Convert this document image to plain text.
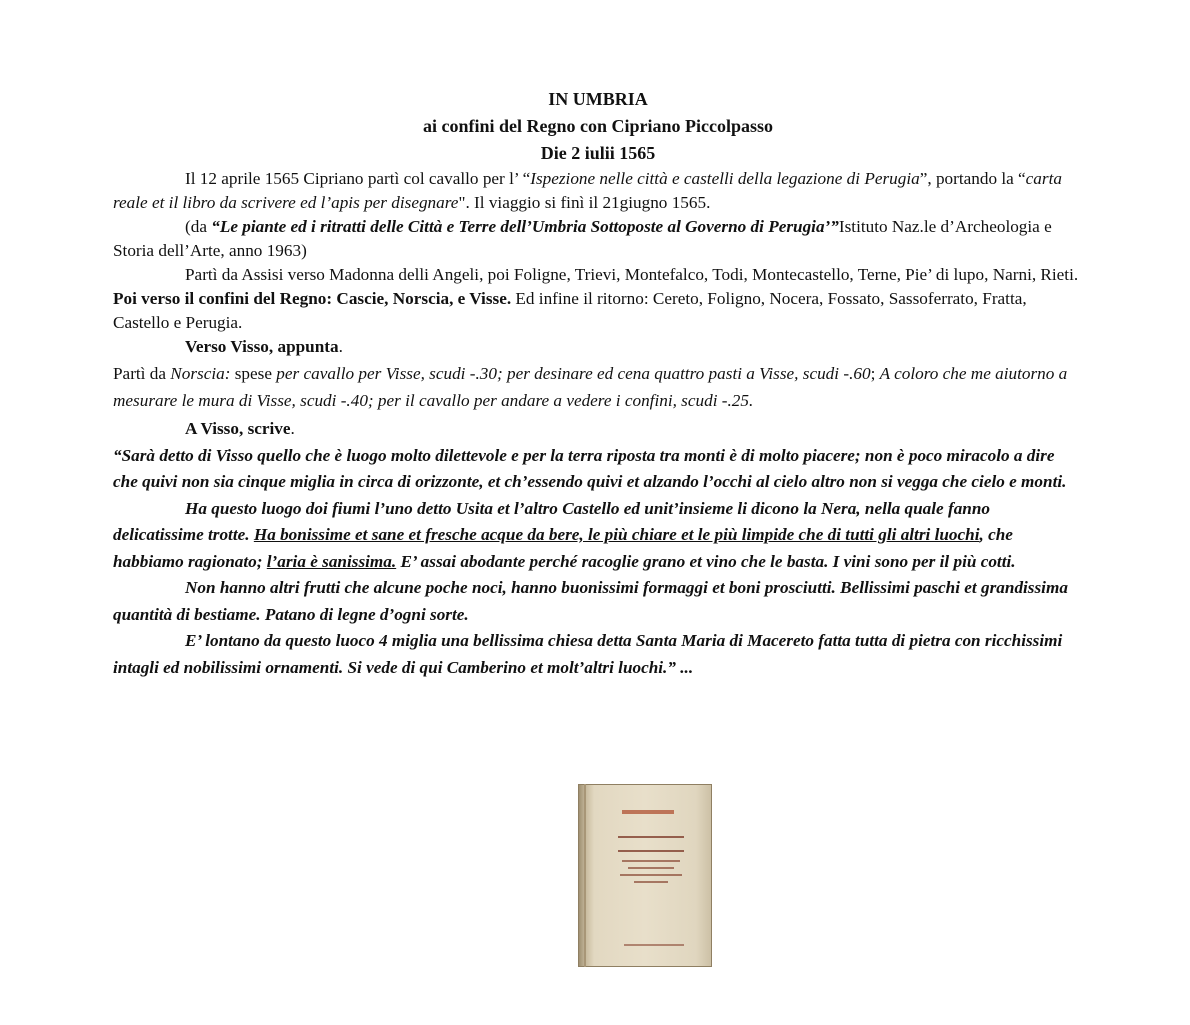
IN UMBRIA
ai confini del Regno con Cipriano Piccolpasso
Die 2 iulii 1565

Il 12 aprile 1565 Cipriano partì col cavallo per l’ “Ispezione nelle città e castelli della legazione di Perugia”, portando la “carta reale et il libro da scrivere ed l’apis per disegnare". Il viaggio si finì il 21giugno 1565.

(da “Le piante ed i ritratti delle Città e Terre dell’Umbria Sottoposte al Governo di Perugia’”Istituto Naz.le d’Archeologia e Storia dell’Arte, anno 1963)

Partì da Assisi verso Madonna delli Angeli, poi Foligne, Trievi, Montefalco, Todi, Montecastello, Terne, Pie’ di lupo, Narni, Rieti. Poi verso il confini del Regno: Cascie, Norscia, e Visse. Ed infine il ritorno: Cereto, Foligno, Nocera, Fossato, Sassoferrato, Fratta, Castello e Perugia.

Verso Visso, appunta.

Partì da Norscia: spese per cavallo per Visse, scudi -.30; per desinare ed cena quattro pasti a Visse, scudi -.60; A coloro che me aiutorno a mesurare le mura di Visse, scudi -.40; per il cavallo per andare a vedere i confini, scudi -.25.

A Visso, scrive.

“Sarà detto di Visso quello che è luogo molto dilettevole e per la terra riposta tra monti è di molto piacere; non è poco miracolo a dire che quivi non sia cinque miglia in circa di orizzonte, et ch’essendo quivi et alzando l’occhi al cielo altro non si vegga che cielo e monti.

Ha questo luogo doi fiumi l’uno detto Usita et l’altro Castello ed unit’insieme li dicono la Nera, nella quale fanno delicatissime trotte. Ha bonissime et sane et fresche acque da bere, le più chiare et le più limpide che di tutti gli altri luochi, che habbiamo ragionato; l’aria è sanissima. E’ assai abodante perché racoglie grano et vino che le basta. I vini sono per il più cotti.

Non hanno altri frutti che alcune poche noci, hanno buonissimi formaggi et boni prosciutti. Bellissimi paschi et grandissima quantità di bestiame. Patano di legne d’ogni sorte.

E’ lontano da questo luoco 4 miglia una bellissima chiesa detta Santa Maria di Macereto fatta tutta di pietra con ricchissimi intagli ed nobilissimi ornamenti. Si vede di qui Camberino et molt’altri luochi.” ...
